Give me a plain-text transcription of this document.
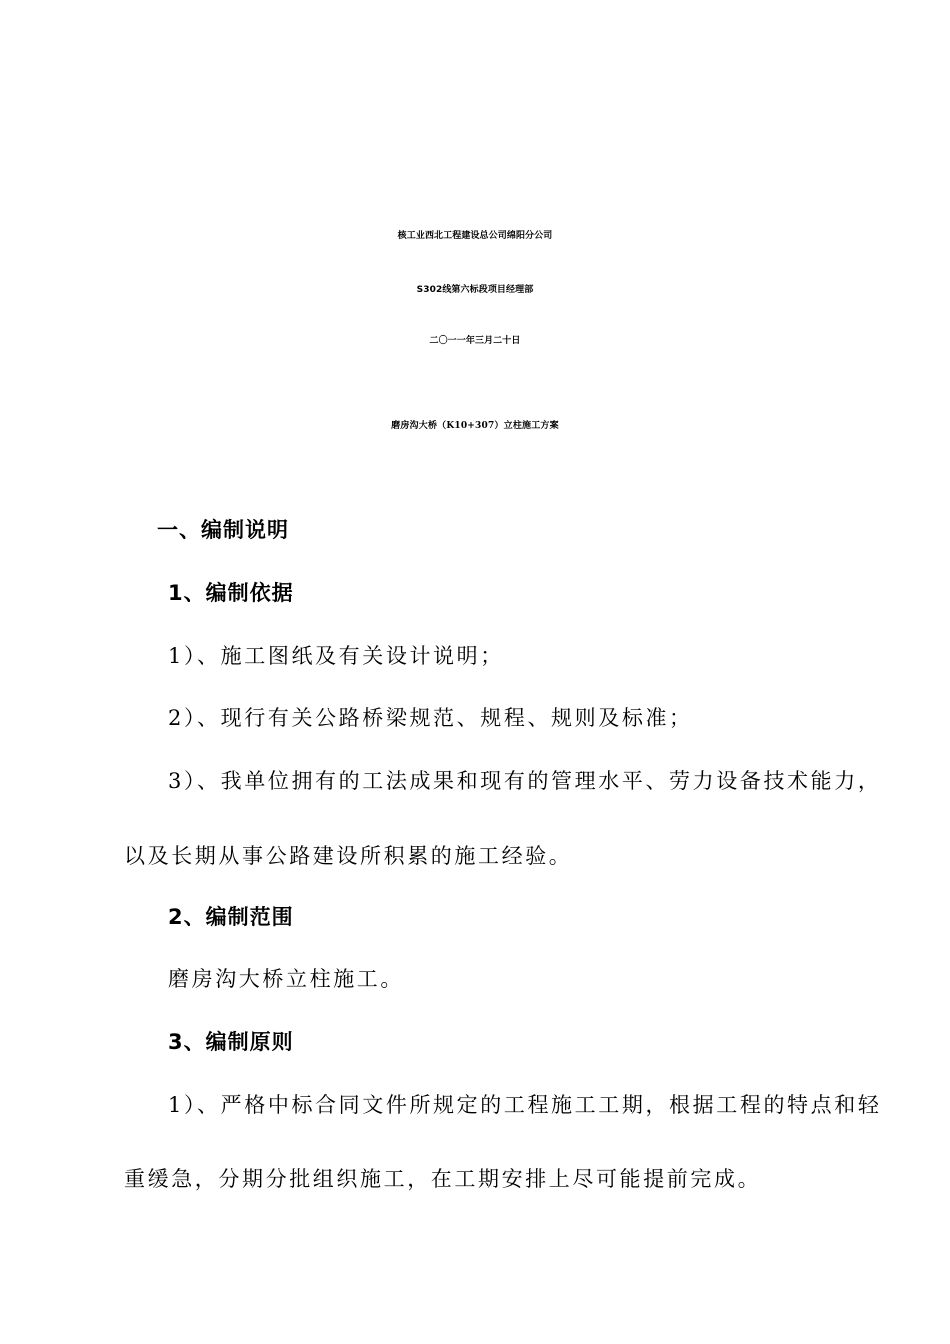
核工业西北工程建设总公司绵阳分公司
S302线第六标段项目经理部
二〇一一年三月二十日
磨房沟大桥（K10+307）立柱施工方案
一、编制说明
1、编制依据
1）、施工图纸及有关设计说明；
2）、现行有关公路桥梁规范、规程、规则及标准；
3）、我单位拥有的工法成果和现有的管理水平、劳力设备技术能力，
以及长期从事公路建设所积累的施工经验。
2、编制范围
磨房沟大桥立柱施工。
3、编制原则
1）、严格中标合同文件所规定的工程施工工期，根据工程的特点和轻
重缓急，分期分批组织施工，在工期安排上尽可能提前完成。
